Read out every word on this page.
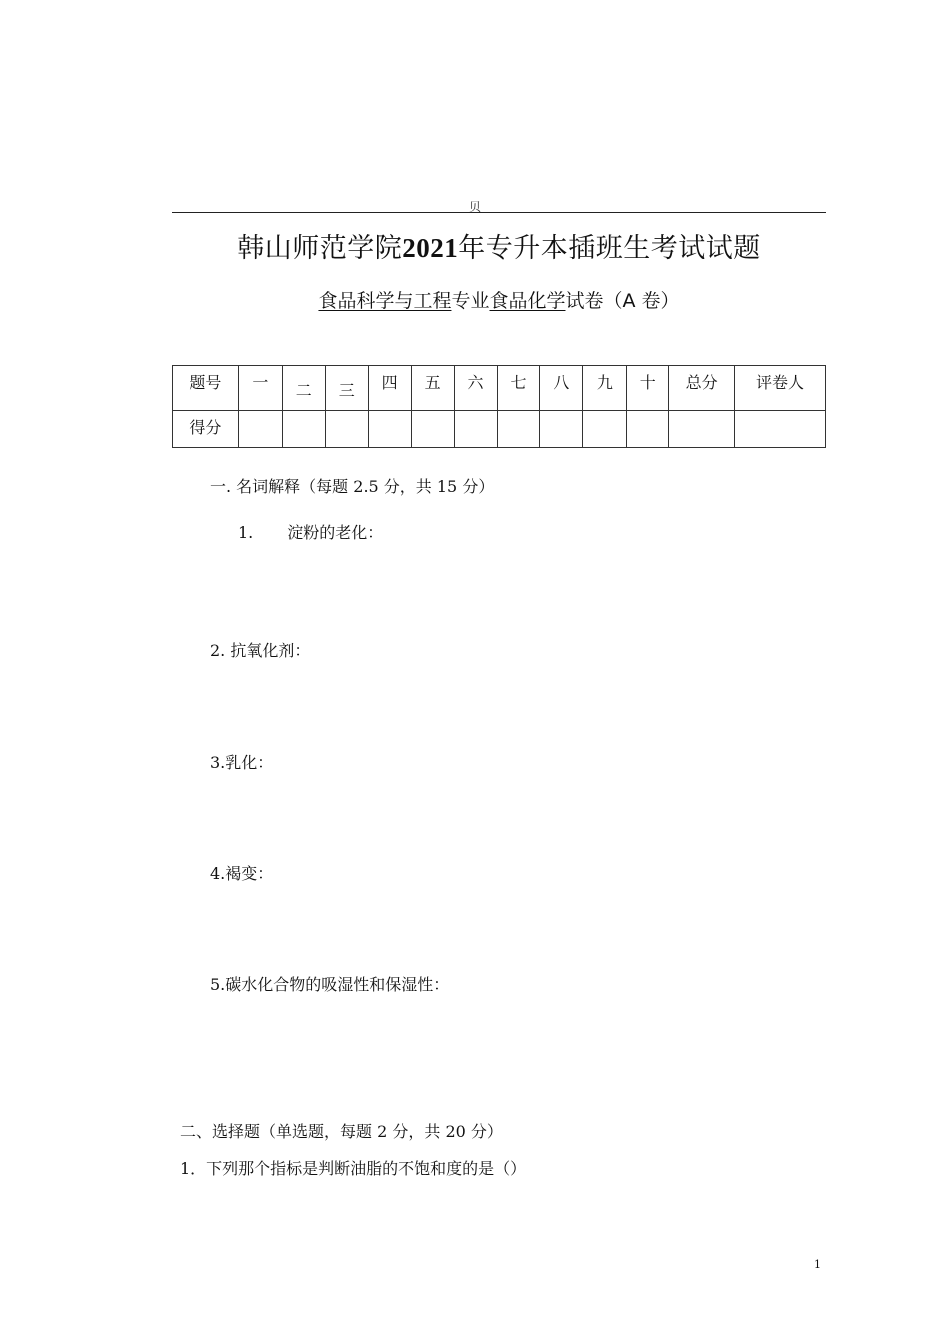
贝
韩山师范学院2021年专升本插班生考试试题
食品科学与工程专业食品化学试卷（A 卷）
题号	一	二	三	四	五	六	七	八	九	十	总分	评卷人
得分												
一. 名词解释（每题 2.5 分，共 15 分）
1. 淀粉的老化：
2. 抗氧化剂：
3.乳化：
4.褐变：
5.碳水化合物的吸湿性和保湿性：
二、选择题（单选题，每题 2 分，共 20 分）
1．下列那个指标是判断油脂的不饱和度的是（）
1
